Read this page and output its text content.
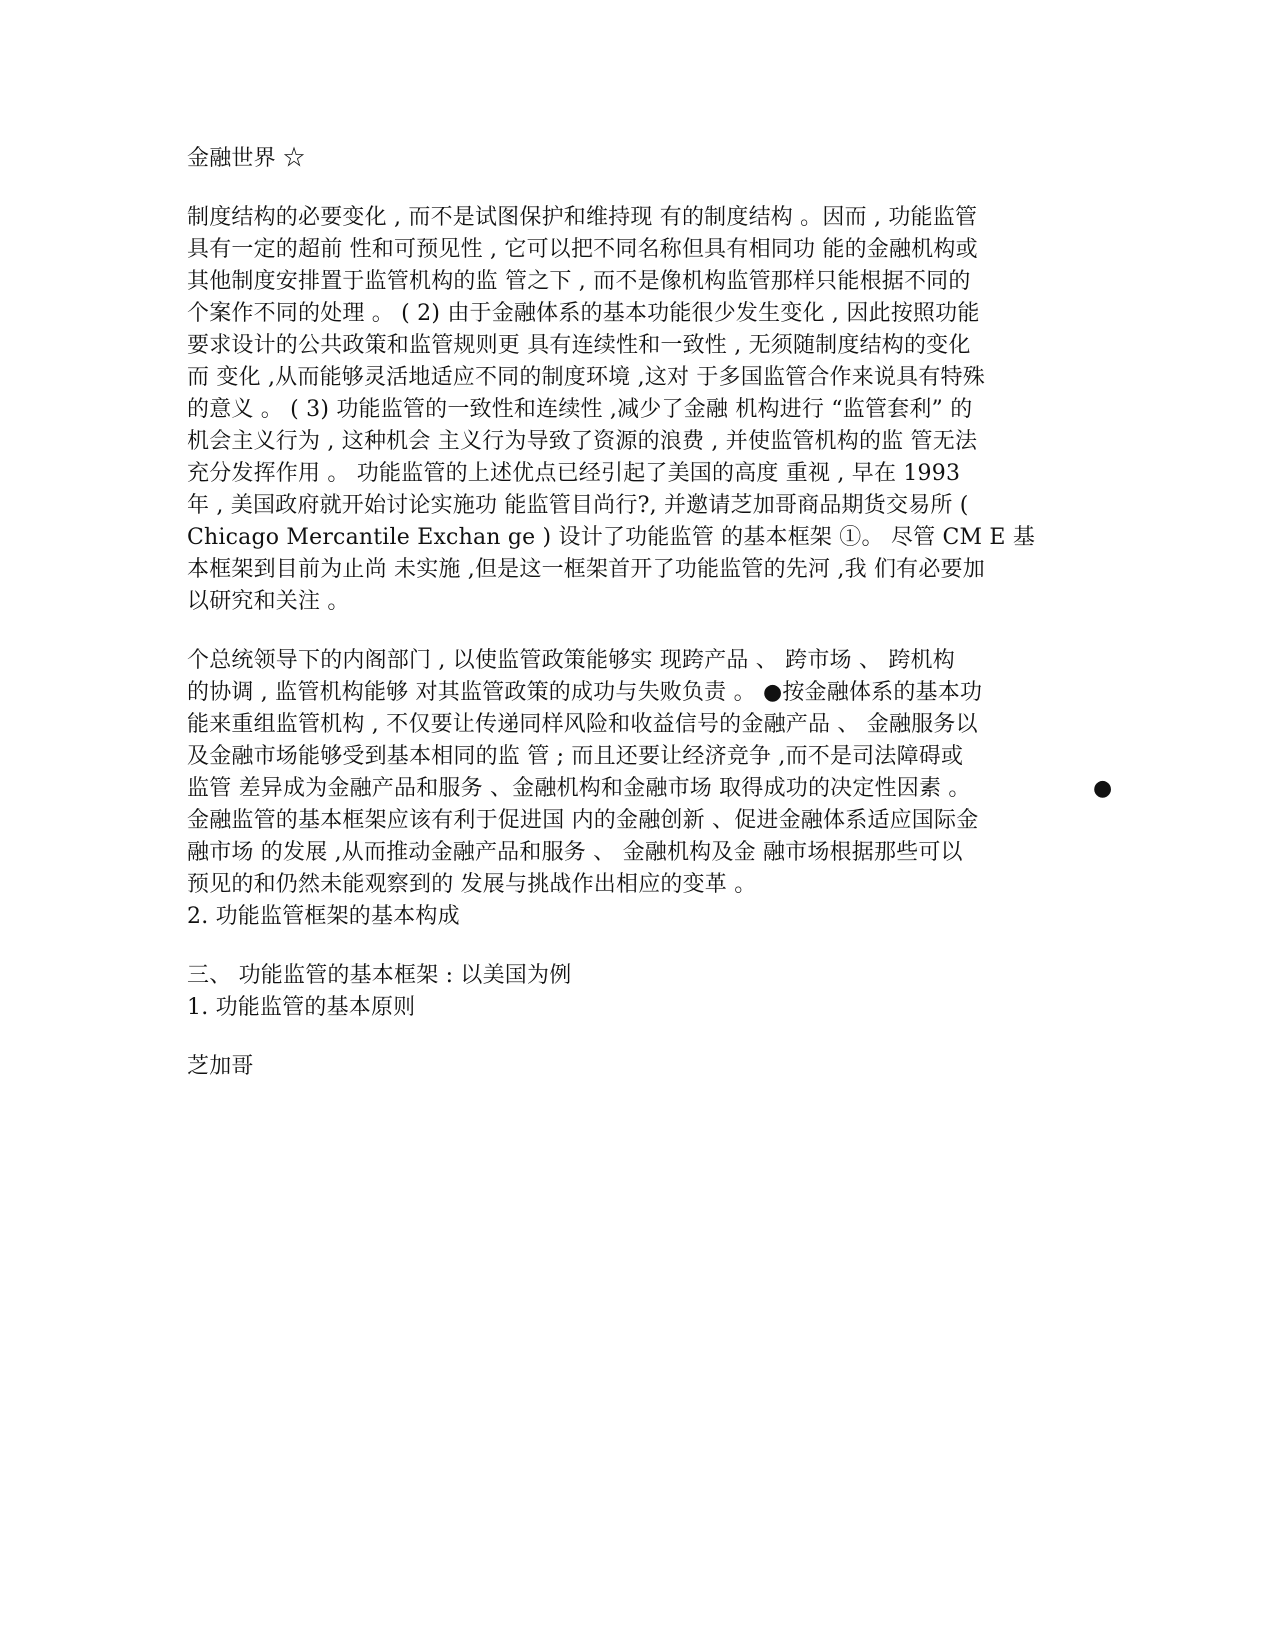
金融世界 ☆
制度结构的必要变化 , 而不是试图保护和维持现 有的制度结构 。因而 , 功能监管
具有一定的超前 性和可预见性 , 它可以把不同名称但具有相同功 能的金融机构或
其他制度安排置于监管机构的监 管之下 , 而不是像机构监管那样只能根据不同的
个案作不同的处理 。 ( 2) 由于金融体系的基本功能很少发生变化 , 因此按照功能
要求设计的公共政策和监管规则更 具有连续性和一致性 , 无须随制度结构的变化
而 变化 ,从而能够灵活地适应不同的制度环境 ,这对 于多国监管合作来说具有特殊
的意义 。 ( 3) 功能监管的一致性和连续性 ,减少了金融 机构进行 “监管套利” 的
机会主义行为 , 这种机会 主义行为导致了资源的浪费 , 并使监管机构的监 管无法
充分发挥作用 。 功能监管的上述优点已经引起了美国的高度 重视 , 早在 1993
年 , 美国政府就开始讨论实施功 能监管目尚行?, 并邀请芝加哥商品期货交易所 (
Chicago Mercantile Exchan ge ) 设计了功能监管 的基本框架 ①。 尽管 CM E 基
本框架到目前为止尚 未实施 ,但是这一框架首开了功能监管的先河 ,我 们有必要加
以研究和关注 。
个总统领导下的内阁部门 , 以使监管政策能够实 现跨产品 、 跨市场 、 跨机构
的协调 , 监管机构能够 对其监管政策的成功与失败负责 。 ●按金融体系的基本功
能来重组监管机构 , 不仅要让传递同样风险和收益信号的金融产品 、 金融服务以
及金融市场能够受到基本相同的监 管 ; 而且还要让经济竞争 ,而不是司法障碍或
监管 差异成为金融产品和服务 、金融机构和金融市场 取得成功的决定性因素 。	●
金融监管的基本框架应该有利于促进国 内的金融创新 、促进金融体系适应国际金
融市场 的发展 ,从而推动金融产品和服务 、 金融机构及金 融市场根据那些可以
预见的和仍然未能观察到的 发展与挑战作出相应的变革 。
2. 功能监管框架的基本构成
三、 功能监管的基本框架 : 以美国为例
1. 功能监管的基本原则
芝加哥
